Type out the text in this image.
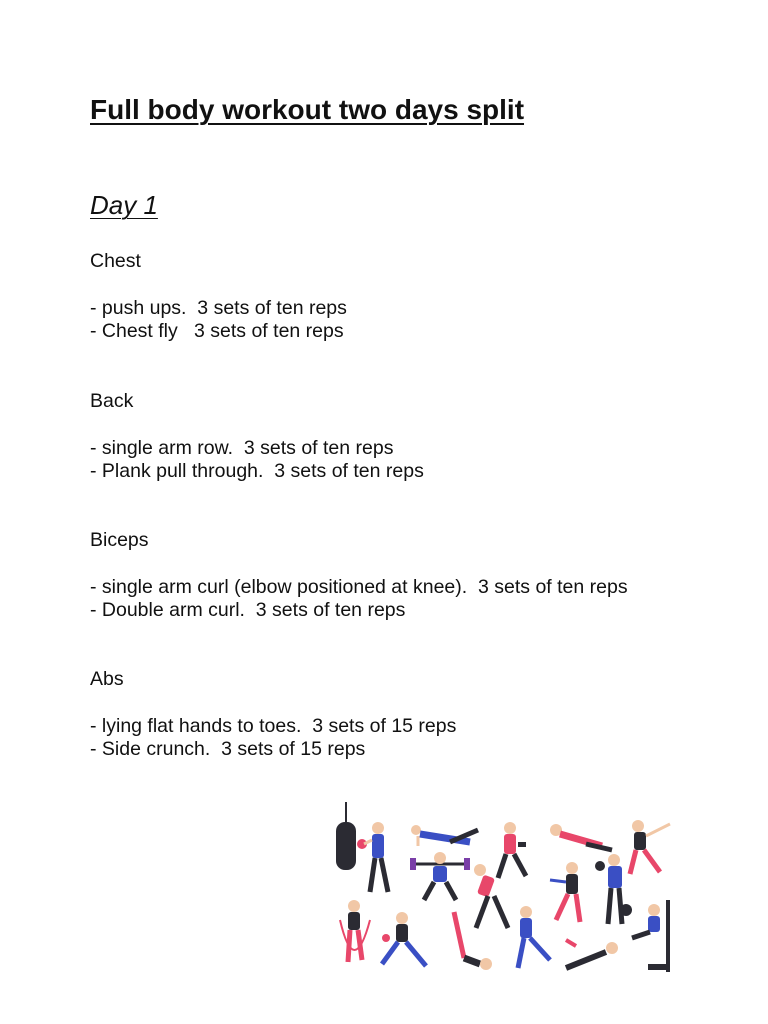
Full body workout two days split
Day 1
Chest
- push ups.  3 sets of ten reps
- Chest fly   3 sets of ten reps
Back
- single arm row.  3 sets of ten reps
- Plank pull through.  3 sets of ten reps
Biceps
- single arm curl (elbow positioned at knee).  3 sets of ten reps
- Double arm curl.  3 sets of ten reps
Abs
- lying flat hands to toes.  3 sets of 15 reps
- Side crunch.  3 sets of 15 reps
